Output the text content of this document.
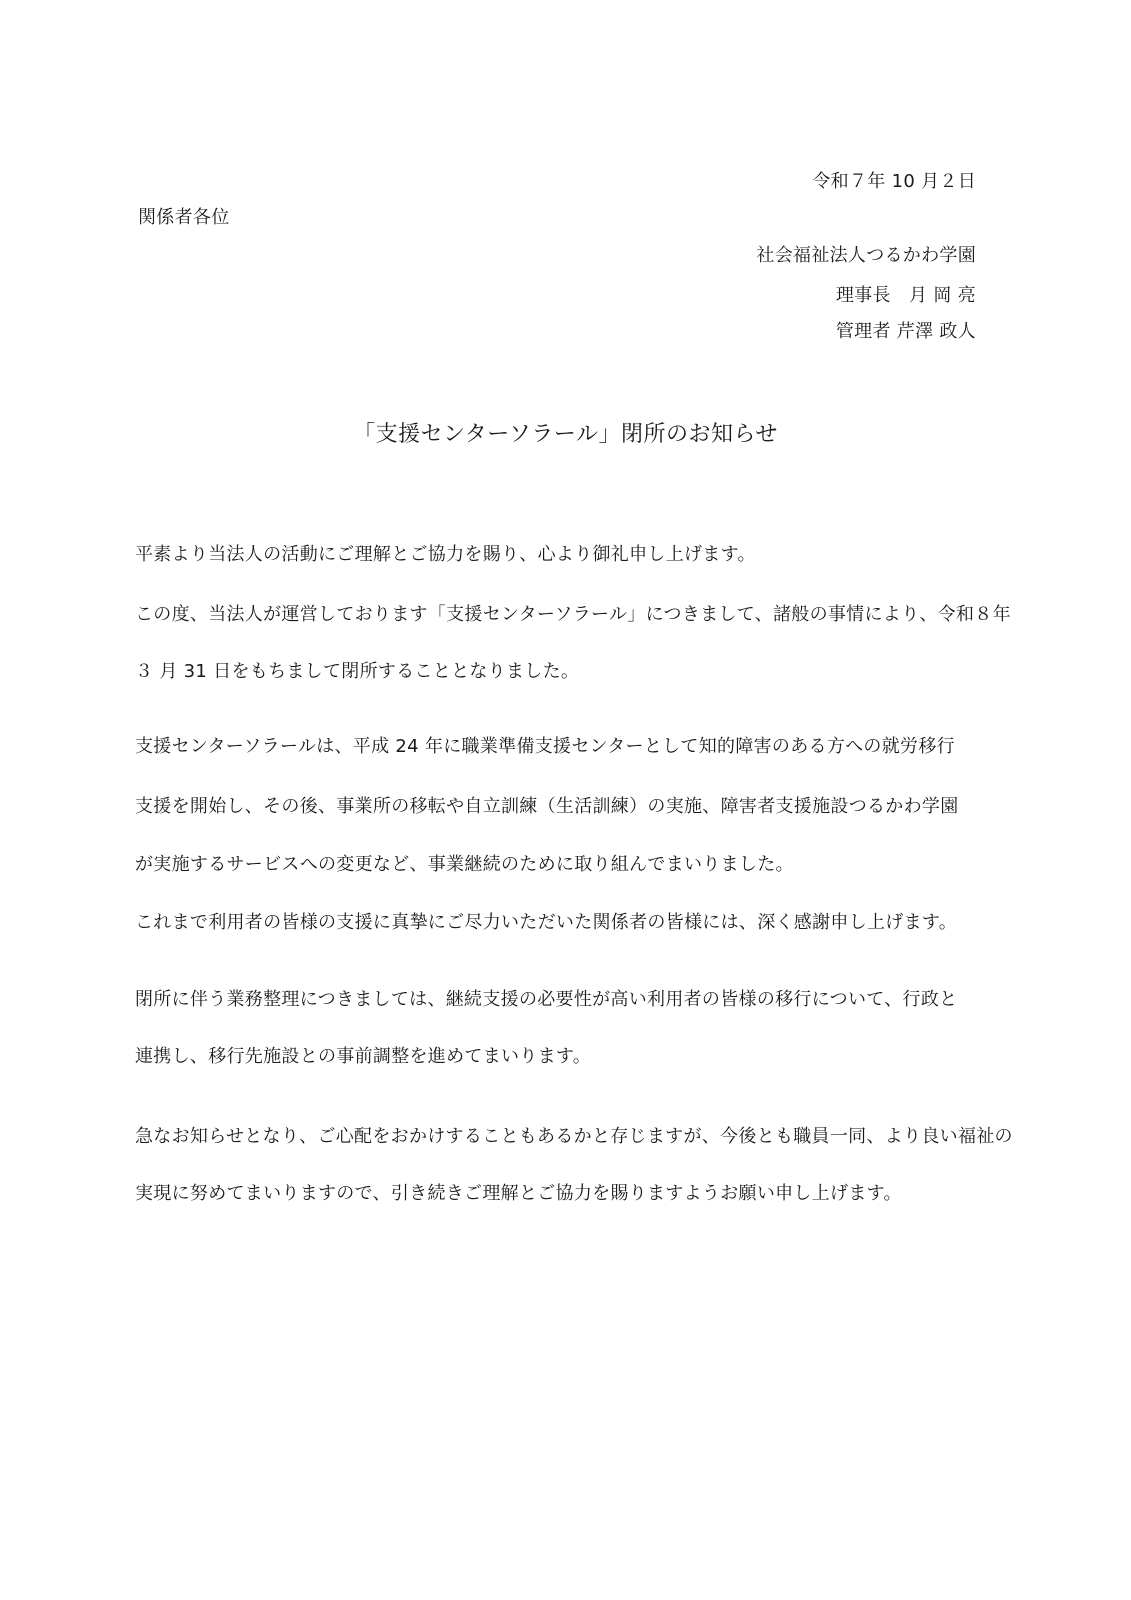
令和７年 10 月２日
関係者各位
社会福祉法人つるかわ学園
理事長　月 岡 亮
管理者 芹澤 政人
「支援センターソラール」閉所のお知らせ
平素より当法人の活動にご理解とご協力を賜り、心より御礼申し上げます。
この度、当法人が運営しております「支援センターソラール」につきまして、諸般の事情により、令和８年
３ 月 31 日をもちまして閉所することとなりました。
支援センターソラールは、平成 24 年に職業準備支援センターとして知的障害のある方への就労移行
支援を開始し、その後、事業所の移転や自立訓練（生活訓練）の実施、障害者支援施設つるかわ学園
が実施するサービスへの変更など、事業継続のために取り組んでまいりました。
これまで利用者の皆様の支援に真摯にご尽力いただいた関係者の皆様には、深く感謝申し上げます。
閉所に伴う業務整理につきましては、継続支援の必要性が高い利用者の皆様の移行について、行政と
連携し、移行先施設との事前調整を進めてまいります。
急なお知らせとなり、ご心配をおかけすることもあるかと存じますが、今後とも職員一同、より良い福祉の
実現に努めてまいりますので、引き続きご理解とご協力を賜りますようお願い申し上げます。
